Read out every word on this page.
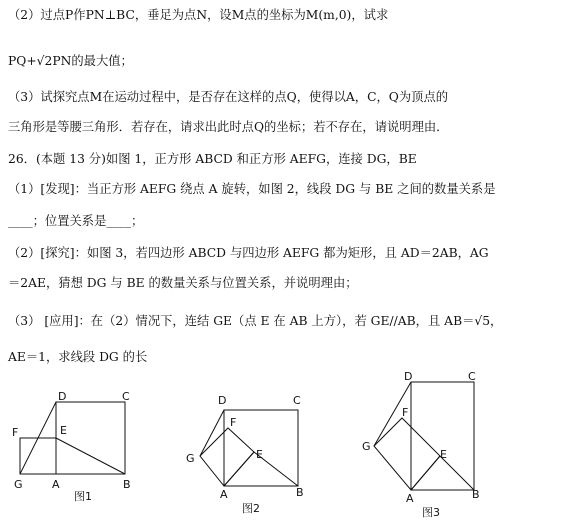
（2）过点P作PN⊥BC，垂足为点N，设M点的坐标为M(m,0)，试求
PQ+√2PN的最大值；
（3）试探究点M在运动过程中，是否存在这样的点Q，使得以A，C，Q为顶点的
三角形是等腰三角形．若存在，请求出此时点Q的坐标；若不存在，请说明理由．
26．(本题 13 分)如图 1，正方形 ABCD 和正方形 AEFG，连接 DG，BE
（1）[发现]：当正方形 AEFG 绕点 A 旋转，如图 2，线段 DG 与 BE 之间的数量关系是
____；位置关系是____；
（2）[探究]：如图 3，若四边形 ABCD 与四边形 AEFG 都为矩形，且 AD＝2AB，AG
＝2AE，猜想 DG 与 BE 的数量关系与位置关系，并说明理由；
（3） [应用]：在（2）情况下，连结 GE（点 E 在 AB 上方），若 GE//AB，且 AB＝√5，
AE＝1，求线段 DG 的长
D	C
F	E
G	A	B
图1
D	C
F
G	E
A	B
图2
D	C
F
G
E
A	B
图3
